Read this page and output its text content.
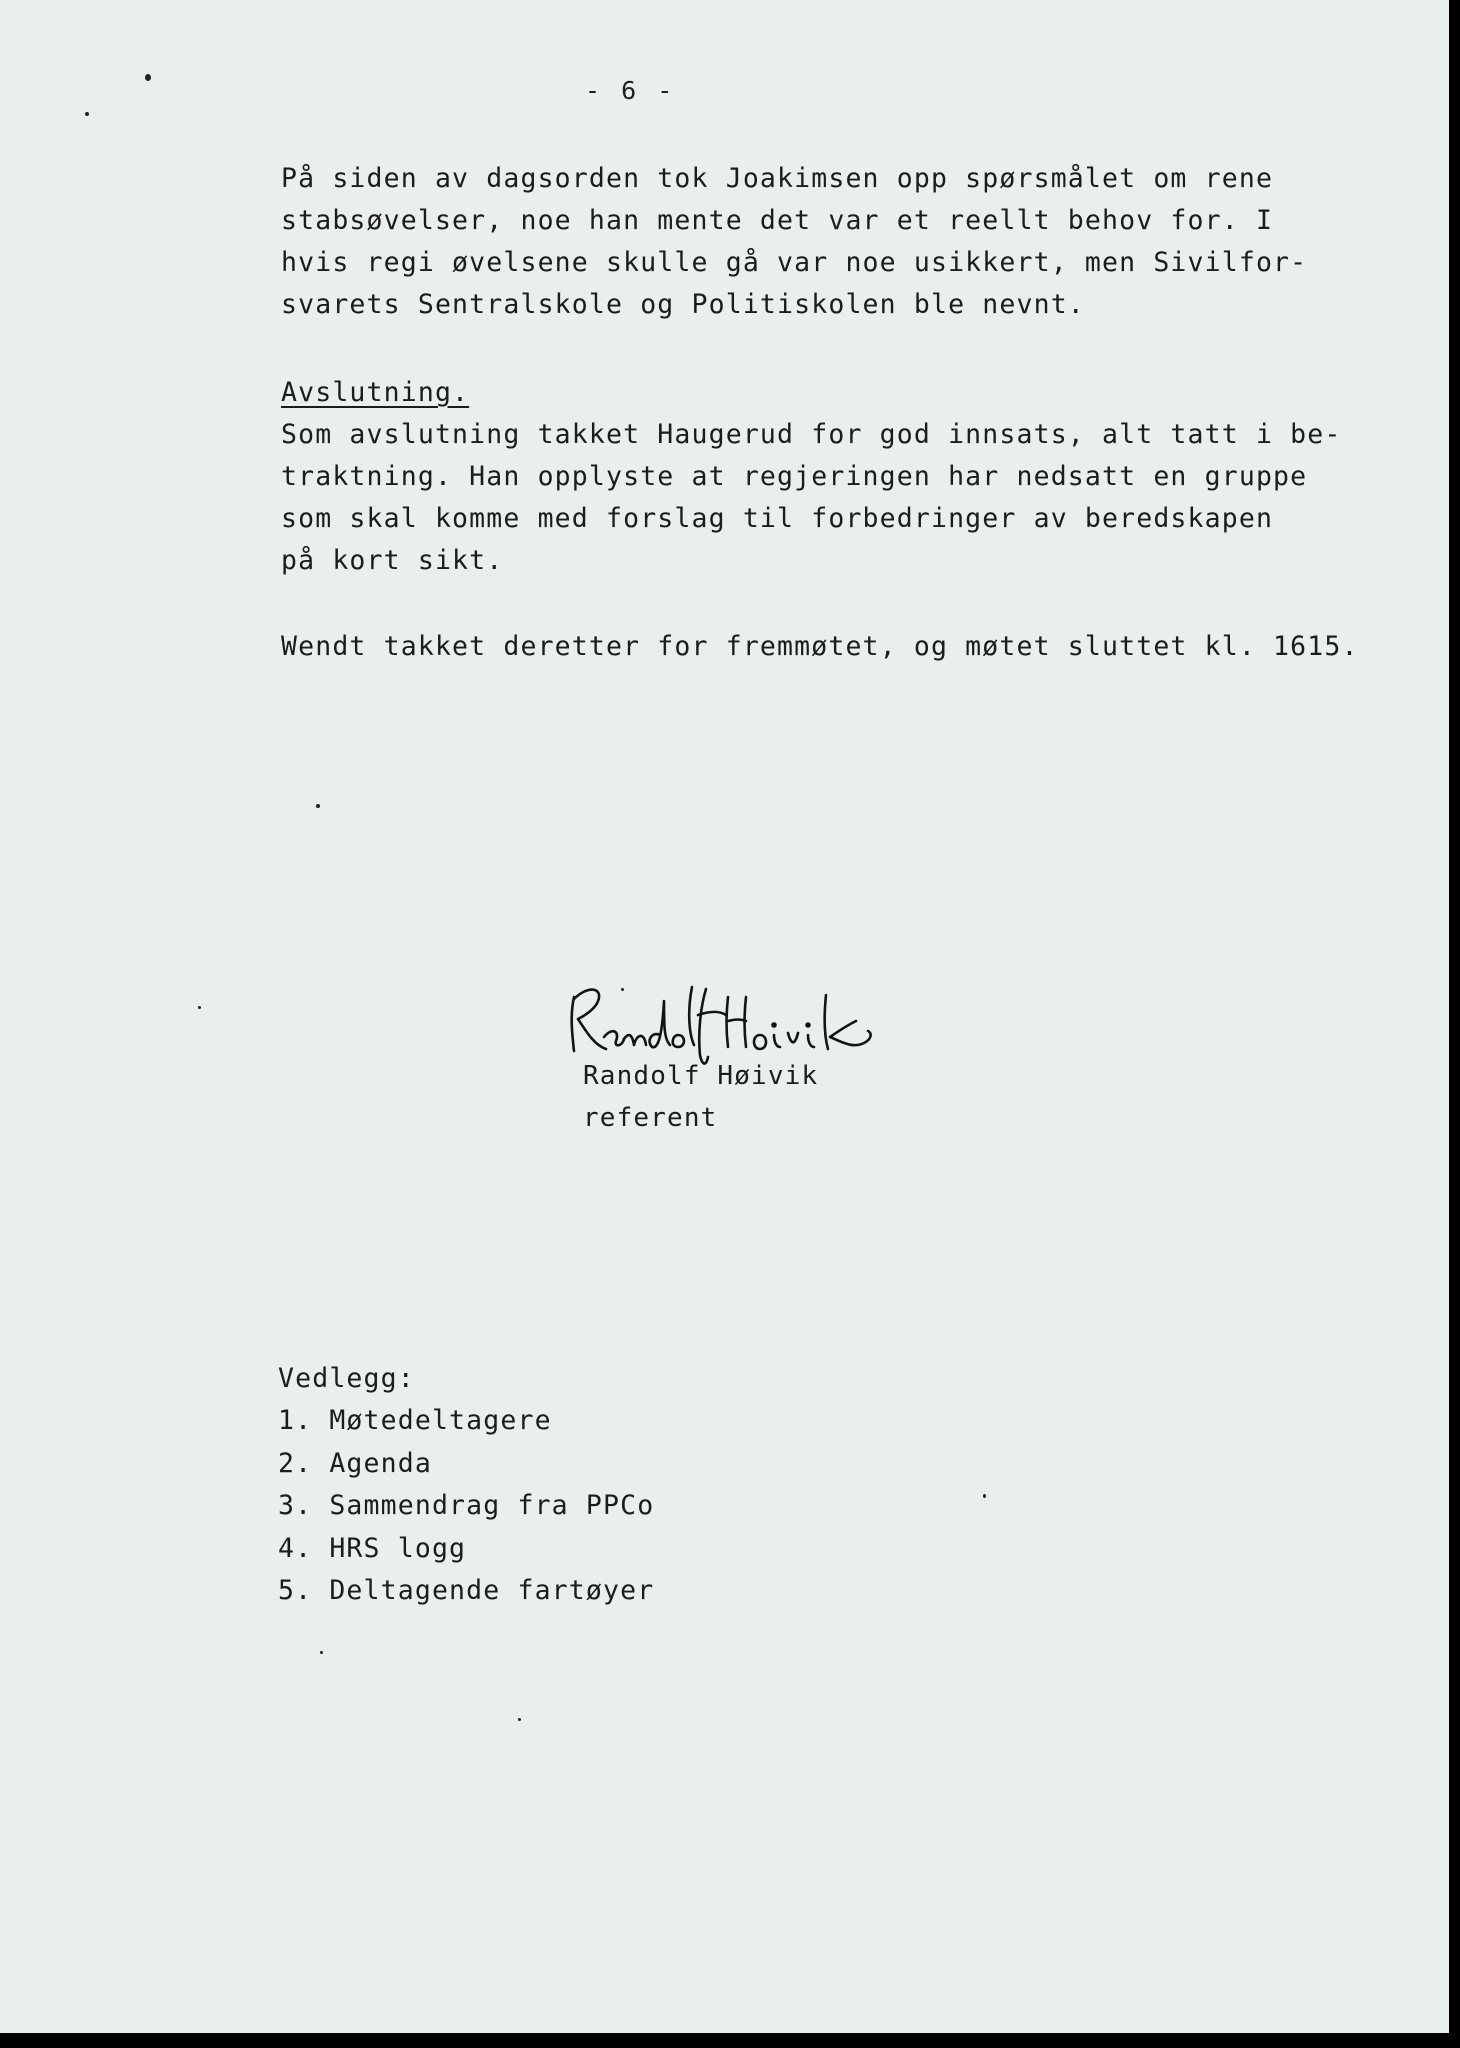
- 6 -

På siden av dagsorden tok Joakimsen opp spørsmålet om rene
stabsøvelser, noe han mente det var et reellt behov for. I
hvis regi øvelsene skulle gå var noe usikkert, men Sivilfor-
svarets Sentralskole og Politiskolen ble nevnt.

Avslutning.

Som avslutning takket Haugerud for god innsats, alt tatt i be-
traktning. Han opplyste at regjeringen har nedsatt en gruppe
som skal komme med forslag til forbedringer av beredskapen
på kort sikt.

Wendt takket deretter for fremmøtet, og møtet sluttet kl. 1615.

Randolf Høivik

referent

Vedlegg:
1. Møtedeltagere
2. Agenda
3. Sammendrag fra PPCo
4. HRS logg
5. Deltagende fartøyer
